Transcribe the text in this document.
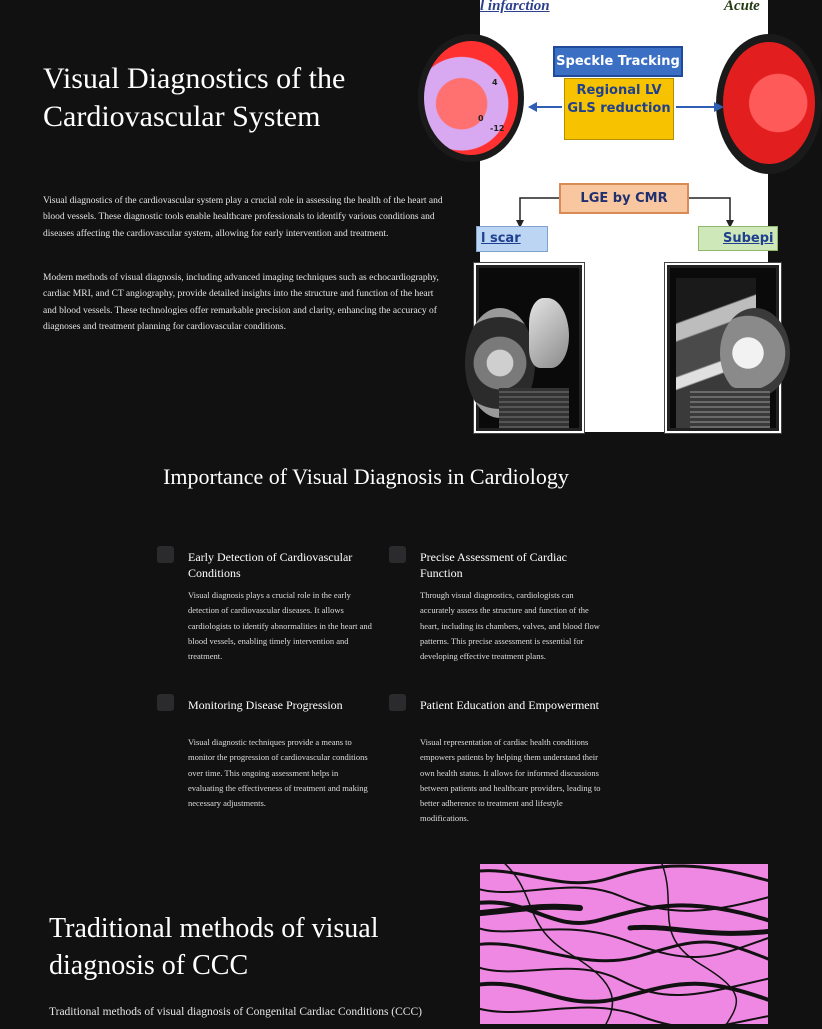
Visual Diagnostics of the Cardiovascular System

Visual diagnostics of the cardiovascular system play a crucial role in assessing the health of the heart and blood vessels. These diagnostic tools enable healthcare professionals to identify various conditions and diseases affecting the cardiovascular system, allowing for early intervention and treatment.

Modern methods of visual diagnosis, including advanced imaging techniques such as echocardiography, cardiac MRI, and CT angiography, provide detailed insights into the structure and function of the heart and blood vessels. These technologies offer remarkable precision and clarity, enhancing the accuracy of diagnoses and treatment planning for cardiovascular conditions.

l infarction	Acute
4
0
-12
Speckle Tracking
Regional LV GLS reduction
LGE by CMR
l scar	Subepi
Importance of Visual Diagnosis in Cardiology
Early Detection of Cardiovascular Conditions

Visual diagnosis plays a crucial role in the early detection of cardiovascular diseases. It allows cardiologists to identify abnormalities in the heart and blood vessels, enabling timely intervention and treatment.

Precise Assessment of Cardiac Function

Through visual diagnostics, cardiologists can accurately assess the structure and function of the heart, including its chambers, valves, and blood flow patterns. This precise assessment is essential for developing effective treatment plans.

Monitoring Disease Progression

Visual diagnostic techniques provide a means to monitor the progression of cardiovascular conditions over time. This ongoing assessment helps in evaluating the effectiveness of treatment and making necessary adjustments.

Patient Education and Empowerment

Visual representation of cardiac health conditions empowers patients by helping them understand their own health status. It allows for informed discussions between patients and healthcare providers, leading to better adherence to treatment and lifestyle modifications.

Traditional methods of visual diagnosis of CCC

Traditional methods of visual diagnosis of Congenital Cardiac Conditions (CCC)
